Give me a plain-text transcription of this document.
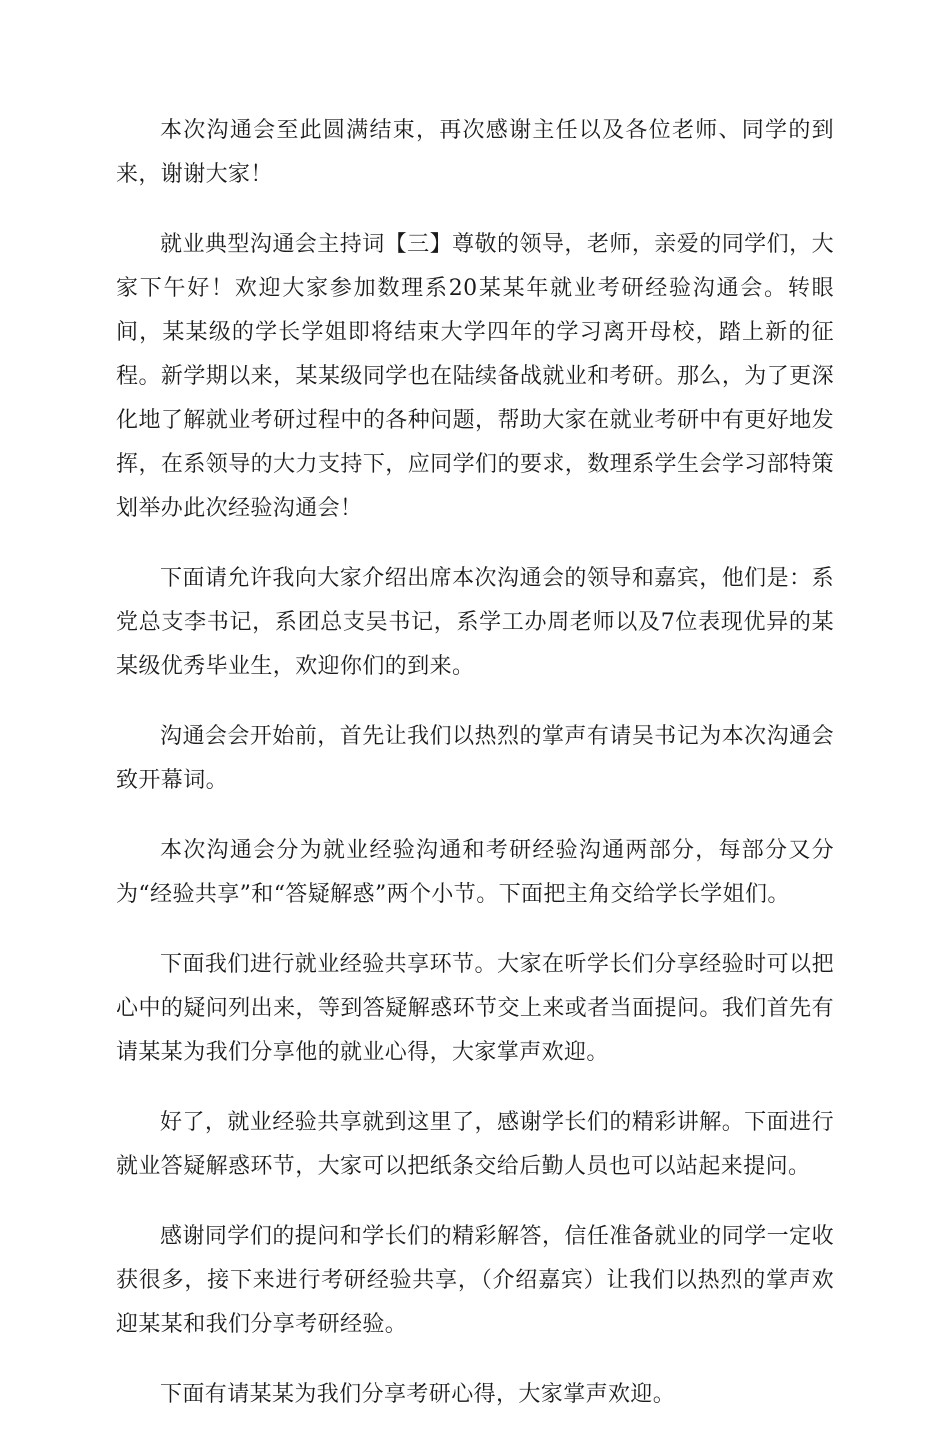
本次沟通会至此圆满结束，再次感谢主任以及各位老师、同学的到来，谢谢大家！

就业典型沟通会主持词【三】尊敬的领导，老师，亲爱的同学们，大家下午好！欢迎大家参加数理系20某某年就业考研经验沟通会。转眼间，某某级的学长学姐即将结束大学四年的学习离开母校，踏上新的征程。新学期以来，某某级同学也在陆续备战就业和考研。那么，为了更深化地了解就业考研过程中的各种问题，帮助大家在就业考研中有更好地发挥，在系领导的大力支持下，应同学们的要求，数理系学生会学习部特策划举办此次经验沟通会！

下面请允许我向大家介绍出席本次沟通会的领导和嘉宾，他们是：系党总支李书记，系团总支吴书记，系学工办周老师以及7位表现优异的某某级优秀毕业生，欢迎你们的到来。

沟通会会开始前，首先让我们以热烈的掌声有请吴书记为本次沟通会致开幕词。

本次沟通会分为就业经验沟通和考研经验沟通两部分，每部分又分为“经验共享”和“答疑解惑”两个小节。下面把主角交给学长学姐们。

下面我们进行就业经验共享环节。大家在听学长们分享经验时可以把心中的疑问列出来，等到答疑解惑环节交上来或者当面提问。我们首先有请某某为我们分享他的就业心得，大家掌声欢迎。

好了，就业经验共享就到这里了，感谢学长们的精彩讲解。下面进行就业答疑解惑环节，大家可以把纸条交给后勤人员也可以站起来提问。

感谢同学们的提问和学长们的精彩解答，信任准备就业的同学一定收获很多，接下来进行考研经验共享，（介绍嘉宾）让我们以热烈的掌声欢迎某某和我们分享考研经验。

下面有请某某为我们分享考研心得，大家掌声欢迎。
